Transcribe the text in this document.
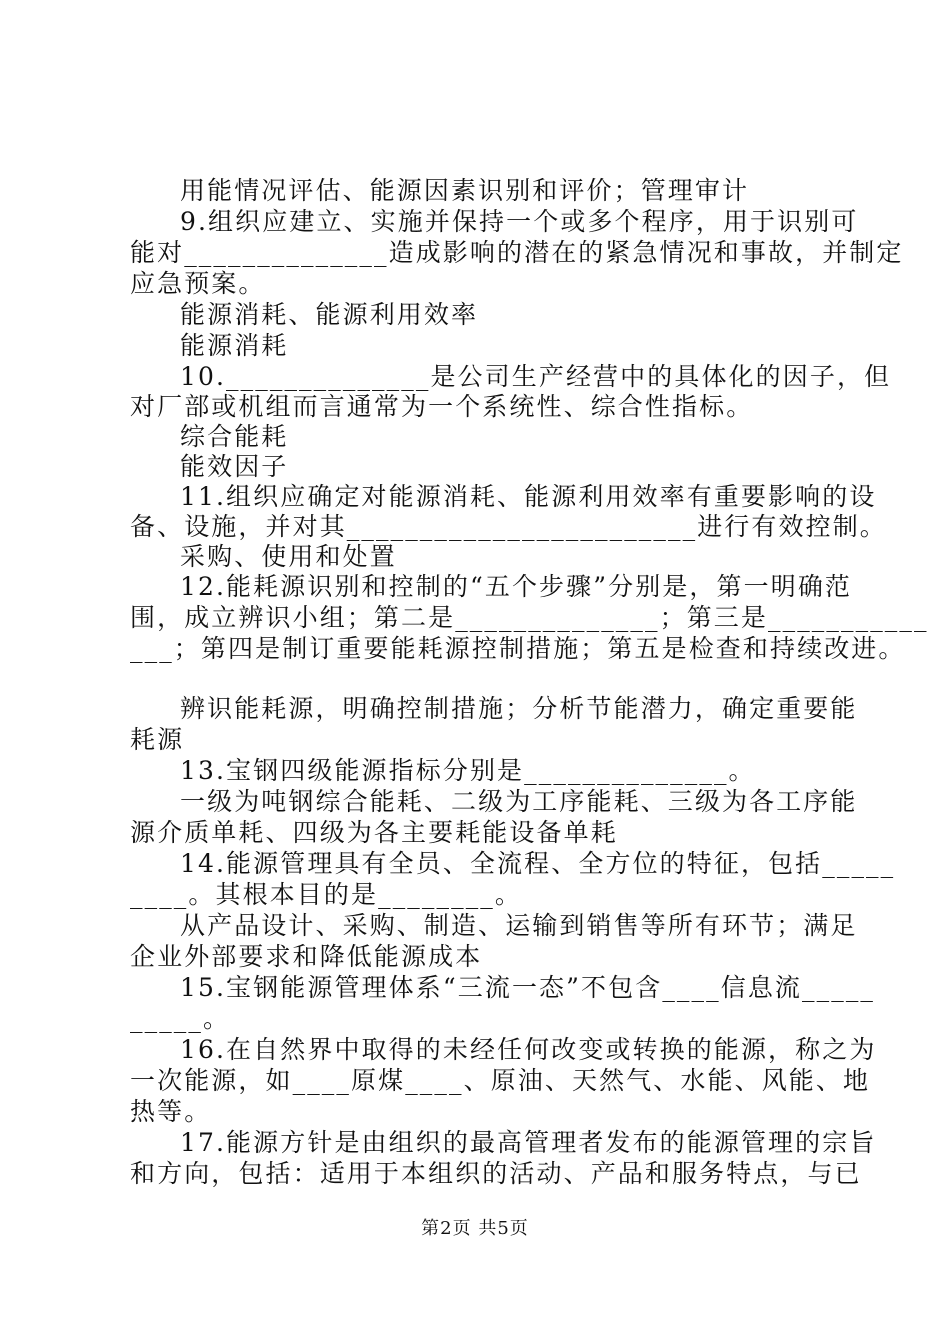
用能情况评估、能源因素识别和评价；管理审计
9.组织应建立、实施并保持一个或多个程序，用于识别可
能对______________造成影响的潜在的紧急情况和事故，并制定
应急预案。
能源消耗、能源利用效率
能源消耗
10.______________是公司生产经营中的具体化的因子，但
对厂部或机组而言通常为一个系统性、综合性指标。
综合能耗
能效因子
11.组织应确定对能源消耗、能源利用效率有重要影响的设
备、设施，并对其________________________进行有效控制。
采购、使用和处置
12.能耗源识别和控制的“五个步骤”分别是，第一明确范
围，成立辨识小组；第二是______________；第三是___________
___；第四是制订重要能耗源控制措施；第五是检查和持续改进。
辨识能耗源，明确控制措施；分析节能潜力，确定重要能
耗源
13.宝钢四级能源指标分别是______________。
一级为吨钢综合能耗、二级为工序能耗、三级为各工序能
源介质单耗、四级为各主要耗能设备单耗
14.能源管理具有全员、全流程、全方位的特征，包括_____
____。其根本目的是________。
从产品设计、采购、制造、运输到销售等所有环节；满足
企业外部要求和降低能源成本
15.宝钢能源管理体系“三流一态”不包含____信息流_____
_____。
16.在自然界中取得的未经任何改变或转换的能源，称之为
一次能源，如____原煤____、原油、天然气、水能、风能、地
热等。
17.能源方针是由组织的最高管理者发布的能源管理的宗旨
和方向，包括：适用于本组织的活动、产品和服务特点，与已
第2页 共5页
